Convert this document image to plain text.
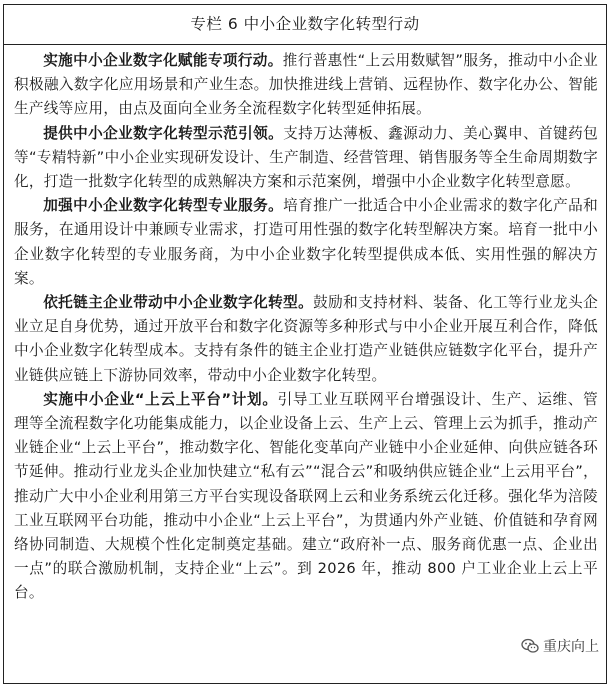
专栏 6 中小企业数字化转型行动

实施中小企业数字化赋能专项行动。推行普惠性“上云用数赋智”服务，推动中小企业积极融入数字化应用场景和产业生态。加快推进线上营销、远程协作、数字化办公、智能生产线等应用，由点及面向全业务全流程数字化转型延伸拓展。

提供中小企业数字化转型示范引领。支持万达薄板、鑫源动力、美心翼申、首键药包等“专精特新”中小企业实现研发设计、生产制造、经营管理、销售服务等全生命周期数字化，打造一批数字化转型的成熟解决方案和示范案例，增强中小企业数字化转型意愿。

加强中小企业数字化转型专业服务。培育推广一批适合中小企业需求的数字化产品和服务，在通用设计中兼顾专业需求，打造可用性强的数字化转型解决方案。培育一批中小企业数字化转型的专业服务商，为中小企业数字化转型提供成本低、实用性强的解决方案。

依托链主企业带动中小企业数字化转型。鼓励和支持材料、装备、化工等行业龙头企业立足自身优势，通过开放平台和数字化资源等多种形式与中小企业开展互利合作，降低中小企业数字化转型成本。支持有条件的链主企业打造产业链供应链数字化平台，提升产业链供应链上下游协同效率，带动中小企业数字化转型。

实施中小企业“上云上平台”计划。引导工业互联网平台增强设计、生产、运维、管理等全流程数字化功能集成能力，以企业设备上云、生产上云、管理上云为抓手，推动产业链企业“上云上平台”，推动数字化、智能化变革向产业链中小企业延伸、向供应链各环节延伸。推动行业龙头企业加快建立“私有云”“混合云”和吸纳供应链企业“上云用平台”，推动广大中小企业利用第三方平台实现设备联网上云和业务系统云化迁移。强化华为涪陵工业互联网平台功能，推动中小企业“上云上平台”，为贯通内外产业链、价值链和孕育网络协同制造、大规模个性化定制奠定基础。建立“政府补一点、服务商优惠一点、企业出一点”的联合激励机制，支持企业“上云”。到 2026 年，推动 800 户工业企业上云上平台。

重庆向上
